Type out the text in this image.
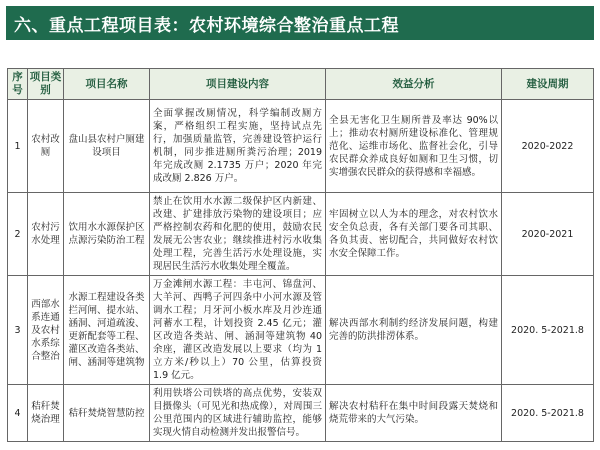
六、重点工程项目表：农村环境综合整治重点工程
序号	项目类别	项目名称	项目建设内容	效益分析	建设周期
1	农村改厕	盘山县农村户厕建设项目	全面掌握改厕情况，科学编制改厕方案，严格组织工程实施，坚持试点先行，加强质量监管，完善建设管护运行机制，同步推进厕所粪污治理；2019 年完成改厕 2.1735 万户；2020 年完成改厕 2.826 万户。	全县无害化卫生厕所普及率达 90%以上；推动农村厕所建设标准化、管理规范化、运维市场化、监督社会化，引导农民群众养成良好如厕和卫生习惯，切实增强农民群众的获得感和幸福感。	2020-2022
2	农村污水处理	饮用水水源保护区点源污染防治工程	禁止在饮用水水源二级保护区内新建、改建、扩建排放污染物的建设项目；应严格控制农药和化肥的使用，鼓励农民发展无公害农业；继续推进村污水收集处理工程，完善生活污水处理设施，实现居民生活污水收集处理全覆盖。	牢固树立以人为本的理念，对农村饮水安全负总责，各有关部门要各司其职、各负其责、密切配合，共同做好农村饮水安全保障工作。	2020-2021
3	西部水系连通及农村水系综合整治	水源工程建设各类拦河闸、提水站、涵洞、河道疏浚、更新配套等工程、灌区改造各类站、闸、涵洞等建筑物	万金滩闸水源工程：丰屯河、锦盘河、大羊河、西鸭子河四条中小河水源及管调水工程；月牙河小板水库及月沙连通河蓄水工程，计划投资 2.45 亿元；灌区改造各类站、闸、涵洞等建筑物 40 余座，灌区改造发展以上要求（均为 1 立方米/秒以上）70 公里，估算投资 1.9 亿元。	解决西部水利制约经济发展问题，构建完善的防洪排涝体系。	2020. 5-2021.8
4	秸秆焚烧治理	秸秆焚烧智慧防控	利用铁塔公司铁塔的高点优势，安装双目摄像头（可见光和热成像），对周围三公里范围内的区域进行辅助监控，能够实现火情自动检测并发出报警信号。	解决农村秸秆在集中时间段露天焚烧和烧荒带来的大气污染。	2020. 5-2021.8
